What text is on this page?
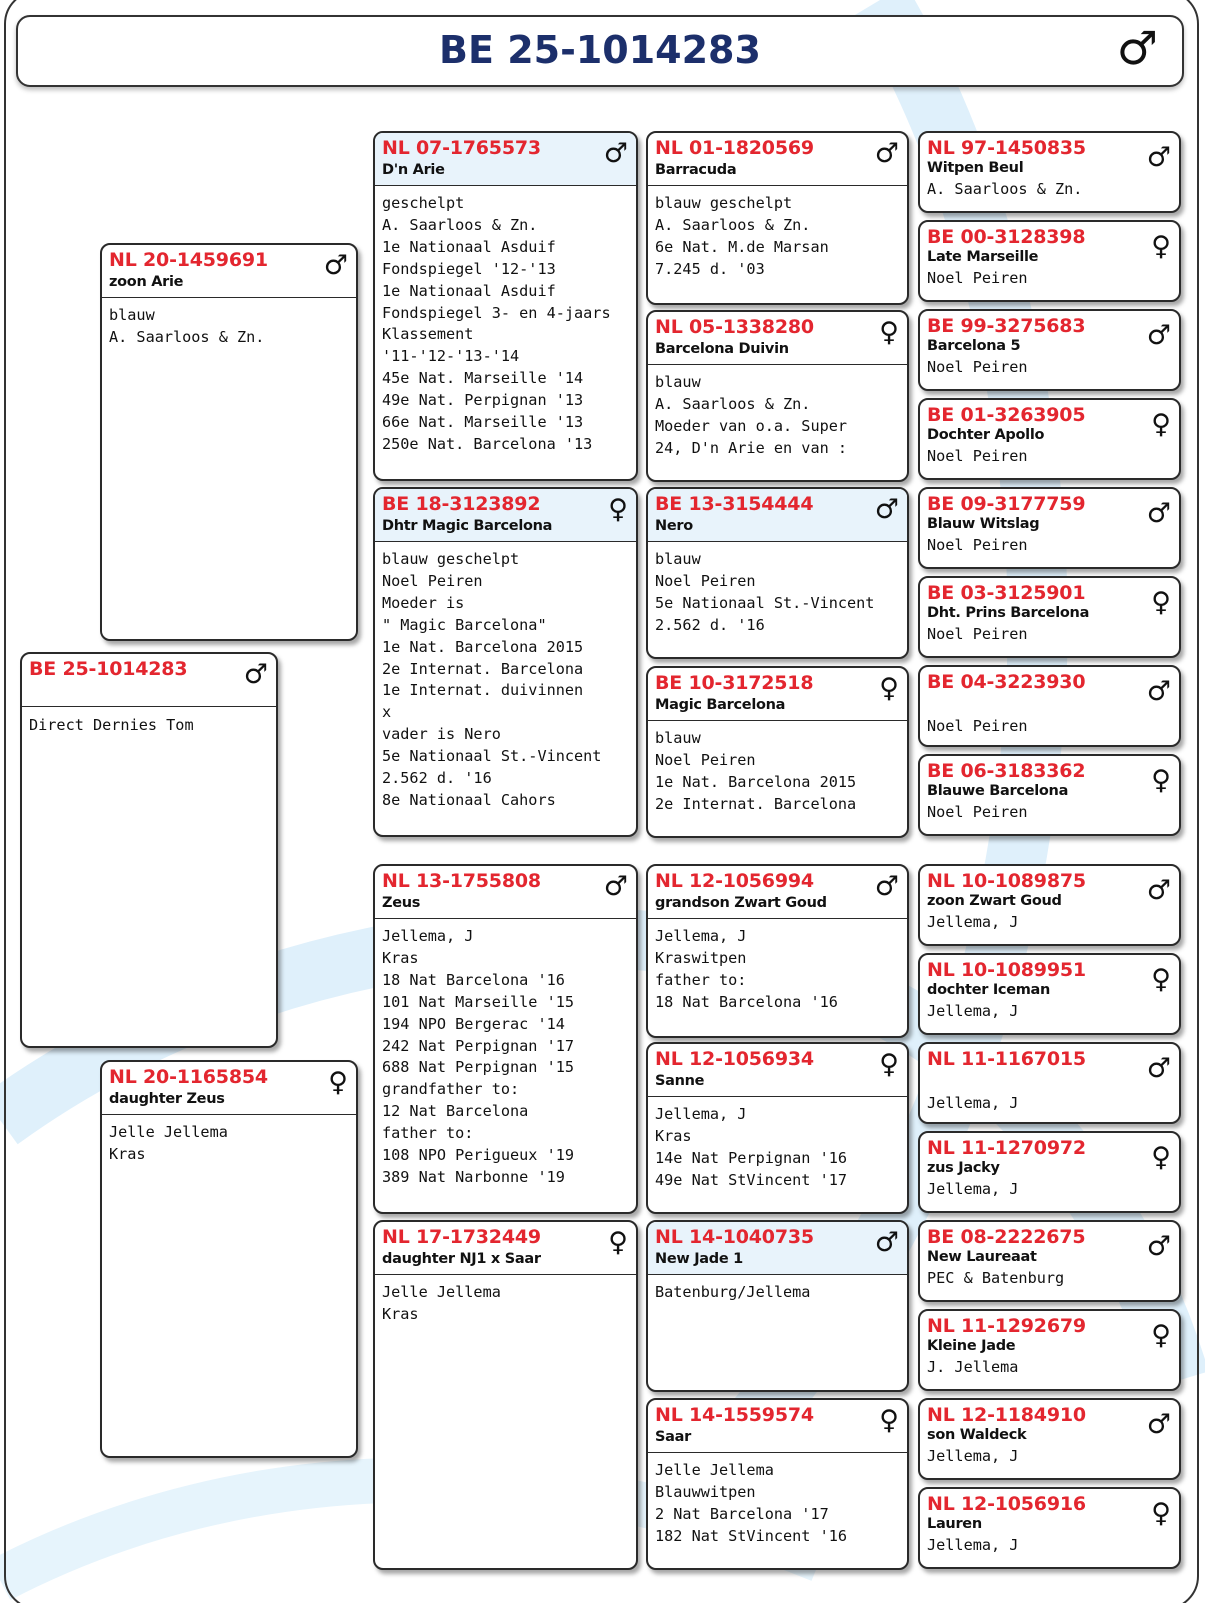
BE 25-1014283	♂
BE 25-1014283 ♂
Direct Dernies Tom
NL 20-1459691
zoon Arie
♂
blauw
A. Saarloos & Zn.
NL 20-1165854
daughter Zeus
♀
Jelle Jellema
Kras
NL 07-1765573
D'n Arie
♂
geschelpt
A. Saarloos & Zn.
1e Nationaal Asduif
Fondspiegel '12-'13
1e Nationaal Asduif
Fondspiegel 3- en 4-jaars
Klassement
'11-'12-'13-'14
45e Nat. Marseille '14
49e Nat. Perpignan '13
66e Nat. Marseille '13
250e Nat. Barcelona '13
BE 18-3123892
Dhtr Magic Barcelona
♀
blauw geschelpt
Noel Peiren
Moeder is
" Magic Barcelona"
1e Nat. Barcelona 2015
2e Internat. Barcelona
1e Internat. duivinnen
x
vader is Nero
5e Nationaal St.-Vincent
2.562 d. '16
8e Nationaal Cahors
NL 13-1755808
Zeus
♂
Jellema, J
Kras
18 Nat Barcelona '16
101 Nat Marseille '15
194 NPO Bergerac '14
242 Nat Perpignan '17
688 Nat Perpignan '15
grandfather to:
12 Nat Barcelona
father to:
108 NPO Perigueux '19
389 Nat Narbonne '19
NL 17-1732449
daughter NJ1 x Saar
♀
Jelle Jellema
Kras
NL 01-1820569
Barracuda
♂
blauw geschelpt
A. Saarloos & Zn.
6e Nat. M.de Marsan
7.245 d. '03
NL 05-1338280
Barcelona Duivin
♀
blauw
A. Saarloos & Zn.
Moeder van o.a. Super
24, D'n Arie en van :
BE 13-3154444
Nero
♂
blauw
Noel Peiren
5e Nationaal St.-Vincent
2.562 d. '16
BE 10-3172518
Magic Barcelona
♀
blauw
Noel Peiren
1e Nat. Barcelona 2015
2e Internat. Barcelona
NL 12-1056994
grandson Zwart Goud
♂
Jellema, J
Kraswitpen
father to:
18 Nat Barcelona '16
NL 12-1056934
Sanne
♀
Jellema, J
Kras
14e Nat Perpignan '16
49e Nat StVincent '17
NL 14-1040735
New Jade 1
♂
Batenburg/Jellema
NL 14-1559574
Saar
♀
Jelle Jellema
Blauwwitpen
2 Nat Barcelona '17
182 Nat StVincent '16
NL 97-1450835 ♂
Witpen Beul
A. Saarloos & Zn.
BE 00-3128398 ♀
Late Marseille
Noel Peiren
BE 99-3275683 ♂
Barcelona 5
Noel Peiren
BE 01-3263905 ♀
Dochter Apollo
Noel Peiren
BE 09-3177759 ♂
Blauw Witslag
Noel Peiren
BE 03-3125901 ♀
Dht. Prins Barcelona
Noel Peiren
BE 04-3223930 ♂
Noel Peiren
BE 06-3183362 ♀
Blauwe Barcelona
Noel Peiren
NL 10-1089875 ♂
zoon Zwart Goud
Jellema, J
NL 10-1089951 ♀
dochter Iceman
Jellema, J
NL 11-1167015 ♂
Jellema, J
NL 11-1270972 ♀
zus Jacky
Jellema, J
BE 08-2222675 ♂
New Laureaat
PEC & Batenburg
NL 11-1292679 ♀
Kleine Jade
J. Jellema
NL 12-1184910 ♂
son Waldeck
Jellema, J
NL 12-1056916 ♀
Lauren
Jellema, J
